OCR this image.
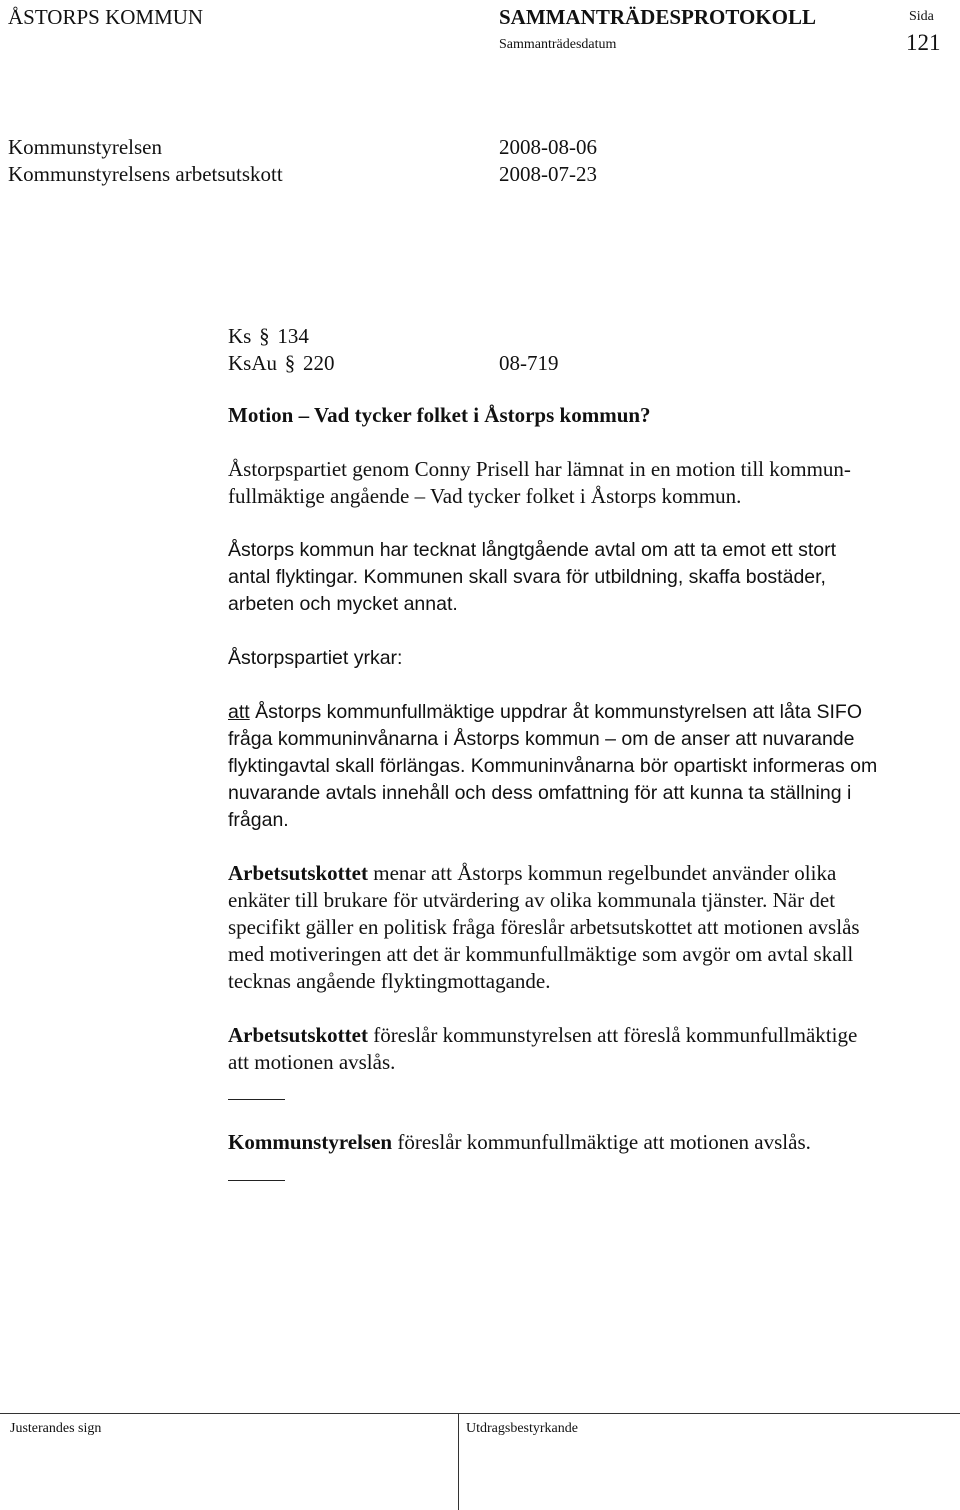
ÅSTORPS KOMMUN	SAMMANTRÄDESPROTOKOLL	Sida
Sammanträdesdatum	121
Kommunstyrelsen	2008-08-06
Kommunstyrelsens arbetsutskott	2008-07-23
Ks § 134
KsAu § 220	08-719
Motion – Vad tycker folket i Åstorps kommun?
Åstorpspartiet genom Conny Prisell har lämnat in en motion till kommun-
fullmäktige angående – Vad tycker folket i Åstorps kommun.
Åstorps kommun har tecknat långtgående avtal om att ta emot ett stort
antal flyktingar. Kommunen skall svara för utbildning, skaffa bostäder,
arbeten och mycket annat.
Åstorpspartiet yrkar:
att Åstorps kommunfullmäktige uppdrar åt kommunstyrelsen att låta SIFO
fråga kommuninvånarna i Åstorps kommun – om de anser att nuvarande
flyktingavtal skall förlängas. Kommuninvånarna bör opartiskt informeras om
nuvarande avtals innehåll och dess omfattning för att kunna ta ställning i
frågan.
Arbetsutskottet menar att Åstorps kommun regelbundet använder olika
enkäter till brukare för utvärdering av olika kommunala tjänster. När det
specifikt gäller en politisk fråga föreslår arbetsutskottet att motionen avslås
med motiveringen att det är kommunfullmäktige som avgör om avtal skall
tecknas angående flyktingmottagande.
Arbetsutskottet föreslår kommunstyrelsen att föreslå kommunfullmäktige
att motionen avslås.
Kommunstyrelsen föreslår kommunfullmäktige att motionen avslås.
Justerandes sign	Utdragsbestyrkande
